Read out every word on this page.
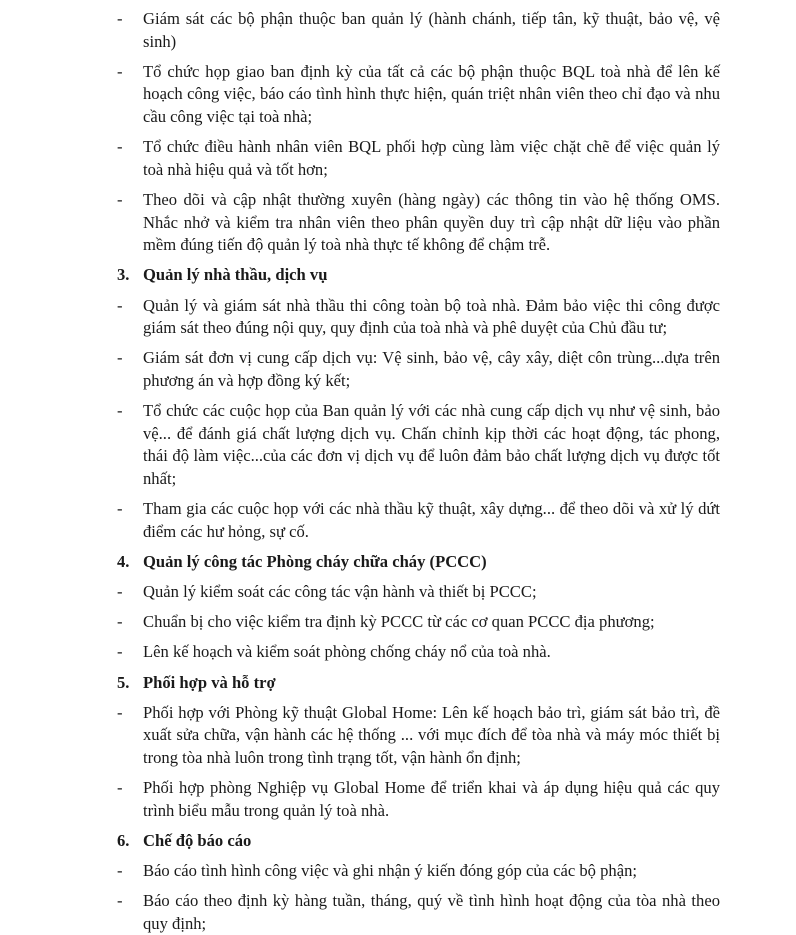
- Giám sát các bộ phận thuộc ban quản lý (hành chánh, tiếp tân, kỹ thuật, bảo vệ, vệ sinh)
- Tổ chức họp giao ban định kỳ của tất cả các bộ phận thuộc BQL toà nhà để lên kế hoạch công việc, báo cáo tình hình thực hiện, quán triệt nhân viên theo chỉ đạo và nhu cầu công việc tại toà nhà;
- Tổ chức điều hành nhân viên BQL phối hợp cùng làm việc chặt chẽ để việc quản lý toà nhà hiệu quả và tốt hơn;
- Theo dõi và cập nhật thường xuyên (hàng ngày) các thông tin vào hệ thống OMS. Nhắc nhở và kiểm tra nhân viên theo phân quyền duy trì cập nhật dữ liệu vào phần mềm đúng tiến độ quản lý toà nhà thực tế không để chậm trễ.
3. Quản lý nhà thầu, dịch vụ
- Quản lý và giám sát nhà thầu thi công toàn bộ toà nhà. Đảm bảo việc thi công được giám sát theo đúng nội quy, quy định của toà nhà và phê duyệt của Chủ đầu tư;
- Giám sát đơn vị cung cấp dịch vụ: Vệ sinh, bảo vệ, cây xây, diệt côn trùng...dựa trên phương án và hợp đồng ký kết;
- Tổ chức các cuộc họp của Ban quản lý với các nhà cung cấp dịch vụ như vệ sinh, bảo vệ... để đánh giá chất lượng dịch vụ. Chấn chỉnh kịp thời các hoạt động, tác phong, thái độ làm việc...của các đơn vị dịch vụ để luôn đảm bảo chất lượng dịch vụ được tốt nhất;
- Tham gia các cuộc họp với các nhà thầu kỹ thuật, xây dựng... để theo dõi và xử lý dứt điểm các hư hỏng, sự cố.
4. Quản lý công tác Phòng cháy chữa cháy (PCCC)
- Quản lý kiểm soát các công tác vận hành và thiết bị PCCC;
- Chuẩn bị cho việc kiểm tra định kỳ PCCC từ các cơ quan PCCC địa phương;
- Lên kế hoạch và kiểm soát phòng chống cháy nổ của toà nhà.
5. Phối hợp và hỗ trợ
- Phối hợp với Phòng kỹ thuật Global Home: Lên kế hoạch bảo trì, giám sát bảo trì, đề xuất sửa chữa, vận hành các hệ thống ... với mục đích để tòa nhà và máy móc thiết bị trong tòa nhà luôn trong tình trạng tốt, vận hành ổn định;
- Phối hợp phòng Nghiệp vụ Global Home để triển khai và áp dụng hiệu quả các quy trình biểu mẫu trong quản lý toà nhà.
6. Chế độ báo cáo
- Báo cáo tình hình công việc và ghi nhận ý kiến đóng góp của các bộ phận;
- Báo cáo theo định kỳ hàng tuần, tháng, quý về tình hình hoạt động của tòa nhà theo quy định;
